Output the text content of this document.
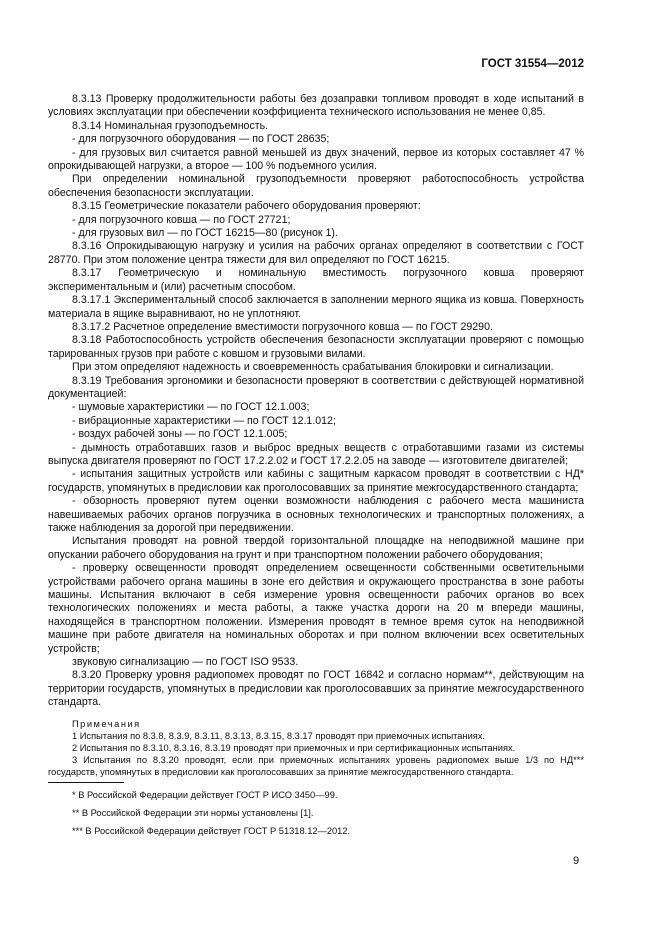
ГОСТ 31554—2012

8.3.13 Проверку продолжительности работы без дозаправки топливом проводят в ходе испытаний в условиях эксплуатации при обеспечении коэффициента технического использования не менее 0,85.

8.3.14 Номинальная грузоподъемность.

- для погрузочного оборудования — по ГОСТ 28635;

- для грузовых вил считается равной меньшей из двух значений, первое из которых составляет 47 % опрокидывающей нагрузки, а второе — 100 % подъемного усилия.

При определении номинальной грузоподъемности проверяют работоспособность устройства обеспечения безопасности эксплуатации.

8.3.15 Геометрические показатели рабочего оборудования проверяют:

- для погрузочного ковша — по ГОСТ 27721;

- для грузовых вил — по ГОСТ 16215—80 (рисунок 1).

8.3.16 Опрокидывающую нагрузку и усилия на рабочих органах определяют в соответствии с ГОСТ 28770. При этом положение центра тяжести для вил определяют по ГОСТ 16215.

8.3.17 Геометрическую и номинальную вместимость погрузочного ковша проверяют экспериментальным и (или) расчетным способом.

8.3.17.1 Экспериментальный способ заключается в заполнении мерного ящика из ковша. Поверхность материала в ящике выравнивают, но не уплотняют.

8.3.17.2 Расчетное определение вместимости погрузочного ковша — по ГОСТ 29290.

8.3.18 Работоспособность устройств обеспечения безопасности эксплуатации проверяют с помощью тарированных грузов при работе с ковшом и грузовыми вилами.

При этом определяют надежность и своевременность срабатывания блокировки и сигнализации.

8.3.19 Требования эргономики и безопасности проверяют в соответствии с действующей нормативной документацией:

- шумовые характеристики — по ГОСТ 12.1.003;

- вибрационные характеристики — по ГОСТ 12.1.012;

- воздух рабочей зоны — по ГОСТ 12.1.005;

- дымность отработавших газов и выброс вредных веществ с отработавшими газами из системы выпуска двигателя проверяют по ГОСТ 17.2.2.02 и ГОСТ 17.2.2.05 на заводе — изготовителе двигателей;

- испытания защитных устройств или кабины с защитным каркасом проводят в соответствии с НД* государств, упомянутых в предисловии как проголосовавших за принятие межгосударственного стандарта;

- обзорность проверяют путем оценки возможности наблюдения с рабочего места машиниста навешиваемых рабочих органов погрузчика в основных технологических и транспортных положениях, а также наблюдения за дорогой при передвижении.

Испытания проводят на ровной твердой горизонтальной площадке на неподвижной машине при опускании рабочего оборудования на грунт и при транспортном положении рабочего оборудования;

- проверку освещенности проводят определением освещенности собственными осветительными устройствами рабочего органа машины в зоне его действия и окружающего пространства в зоне работы машины. Испытания включают в себя измерение уровня освещенности рабочих органов во всех технологических положениях и места работы, а также участка дороги на 20 м впереди машины, находящейся в транспортном положении. Измерения проводят в темное время суток на неподвижной машине при работе двигателя на номинальных оборотах и при полном включении всех осветительных устройств;

звуковую сигнализацию — по ГОСТ ISO 9533.

8.3.20 Проверку уровня радиопомех проводят по ГОСТ 16842 и согласно нормам**, действующим на территории государств, упомянутых в предисловии как проголосовавших за принятие межгосударственного стандарта.

Примечания

1 Испытания по 8.3.8, 8.3.9, 8.3.11, 8.3.13, 8.3.15, 8.3.17 проводят при приемочных испытаниях.

2 Испытания по 8.3.10, 8.3.16, 8.3.19 проводят при приемочных и при сертификационных испытаниях.

3 Испытания по 8.3.20 проводят, если при приемочных испытаниях уровень радиопомех выше 1/3 по НД*** государств, упомянутых в предисловии как проголосовавших за принятие межгосударственного стандарта.

* В Российской Федерации действует ГОСТ Р ИСО 3450—99.

** В Российской Федерации эти нормы установлены [1].

*** В Российской Федерации действует ГОСТ Р 51318.12—2012.

9
